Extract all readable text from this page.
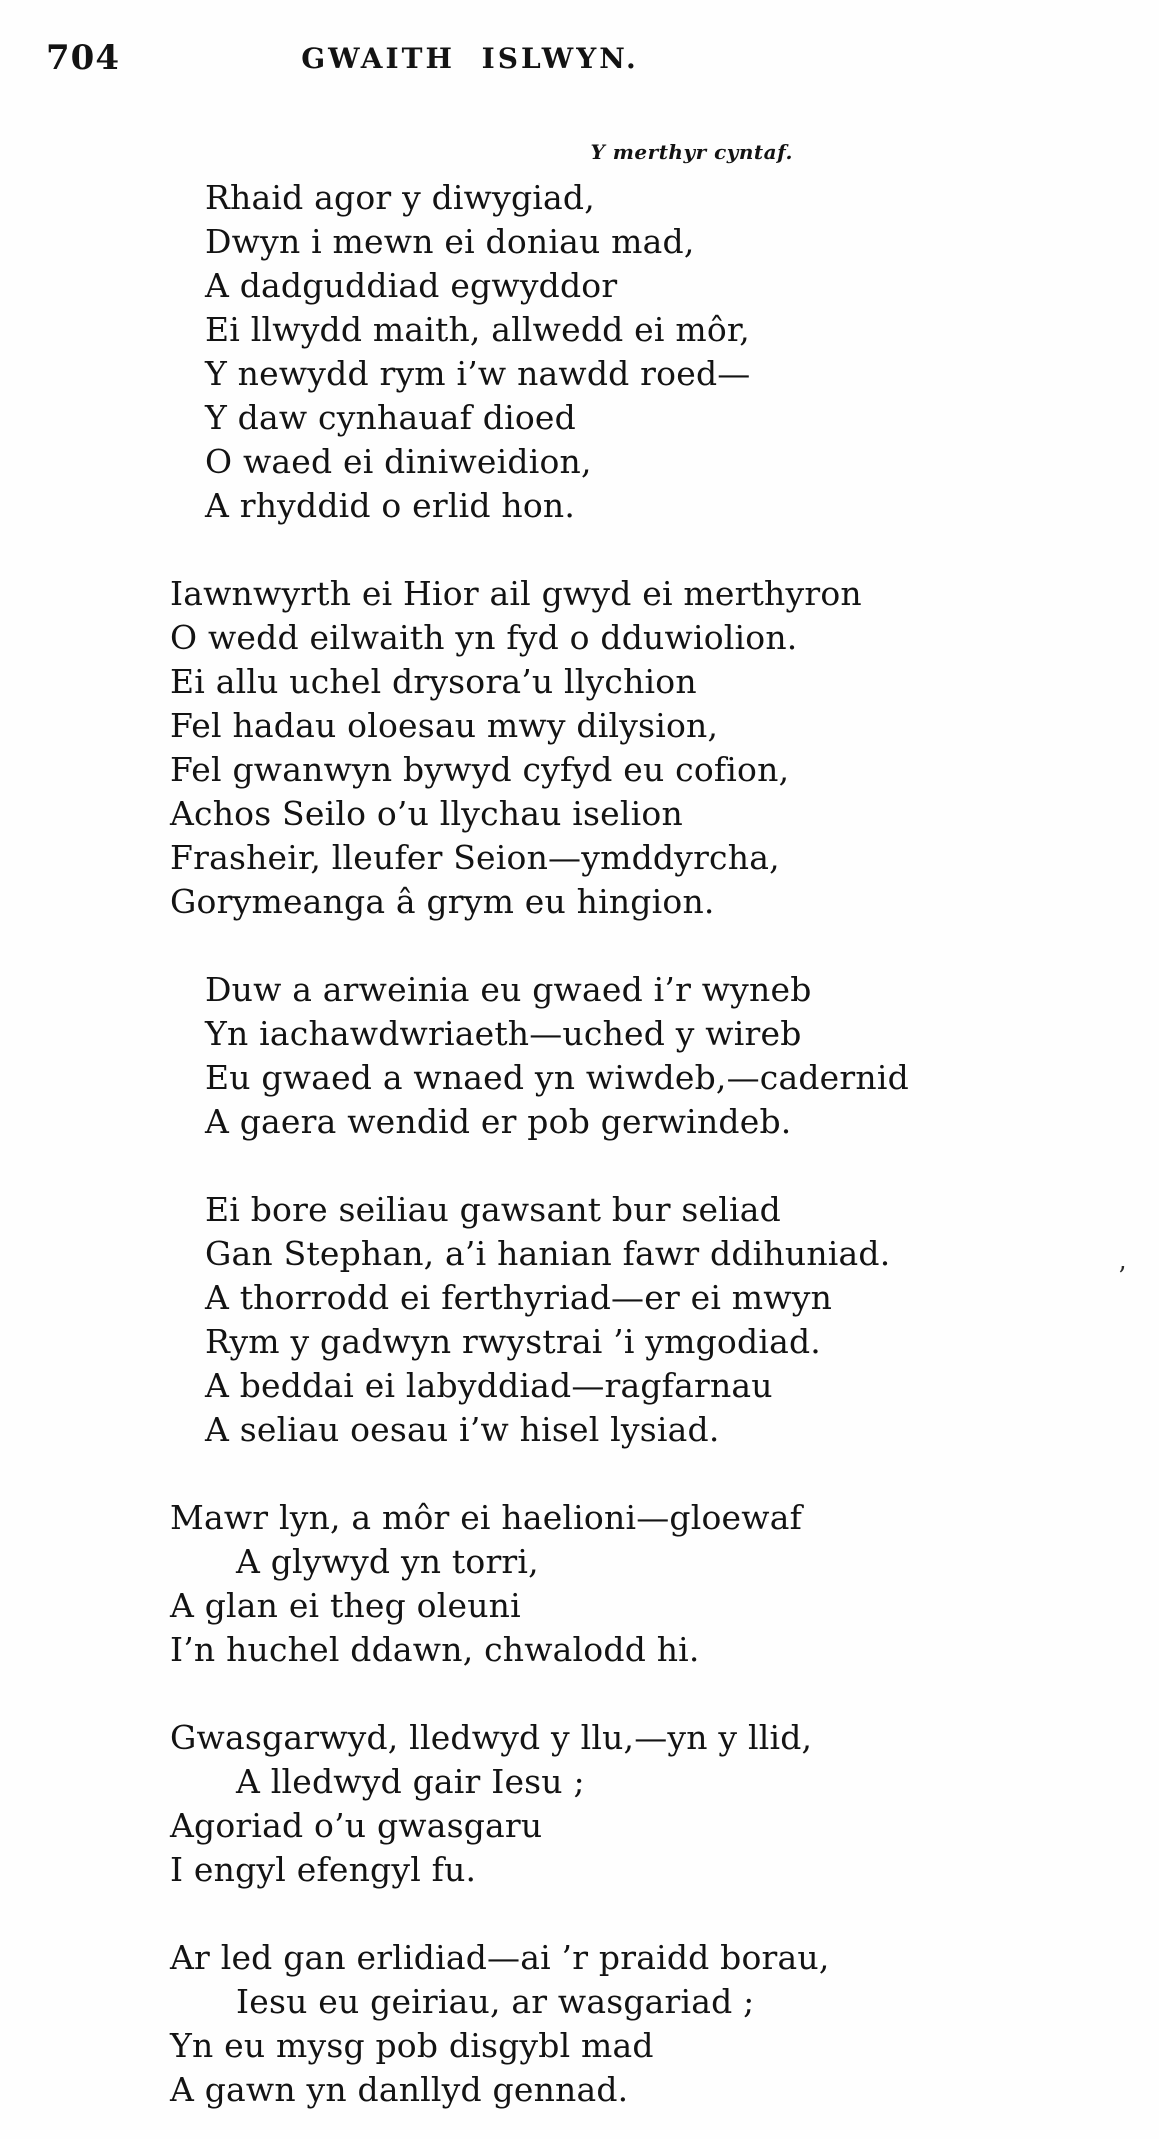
704	GWAITH ISLWYN.
Y merthyr cyntaf.
Rhaid agor y diwygiad,
Dwyn i mewn ei doniau mad,
A dadguddiad egwyddor
Ei llwydd maith, allwedd ei môr,
Y newydd rym i’w nawdd roed—
Y daw cynhauaf dioed
O waed ei diniweidion,
A rhyddid o erlid hon.
Iawnwyrth ei Hior ail gwyd ei merthyron
O wedd eilwaith yn fyd o dduwiolion.
Ei allu uchel drysora’u llychion
Fel hadau oloesau mwy dilysion,
Fel gwanwyn bywyd cyfyd eu cofion,
Achos Seilo o’u llychau iselion
Frasheir, lleufer Seion—ymddyrcha,
Gorymeanga â grym eu hingion.
Duw a arweinia eu gwaed i’r wyneb
Yn iachawdwriaeth—uched y wireb
Eu gwaed a wnaed yn wiwdeb,—cadernid
A gaera wendid er pob gerwindeb.
Ei bore seiliau gawsant bur seliad
Gan Stephan, a’i hanian fawr ddihuniad.
A thorrodd ei ferthyriad—er ei mwyn
Rym y gadwyn rwystrai ’i ymgodiad.
A beddai ei labyddiad—ragfarnau
A seliau oesau i’w hisel lysiad.
Mawr lyn, a môr ei haelioni—gloewaf
A glywyd yn torri,
A glan ei theg oleuni
I’n huchel ddawn, chwalodd hi.
Gwasgarwyd, lledwyd y llu,—yn y llid,
A lledwyd gair Iesu ;
Agoriad o’u gwasgaru
I engyl efengyl fu.
Ar led gan erlidiad—ai ’r praidd borau,
Iesu eu geiriau, ar wasgariad ;
Yn eu mysg pob disgybl mad
A gawn yn danllyd gennad.
’
